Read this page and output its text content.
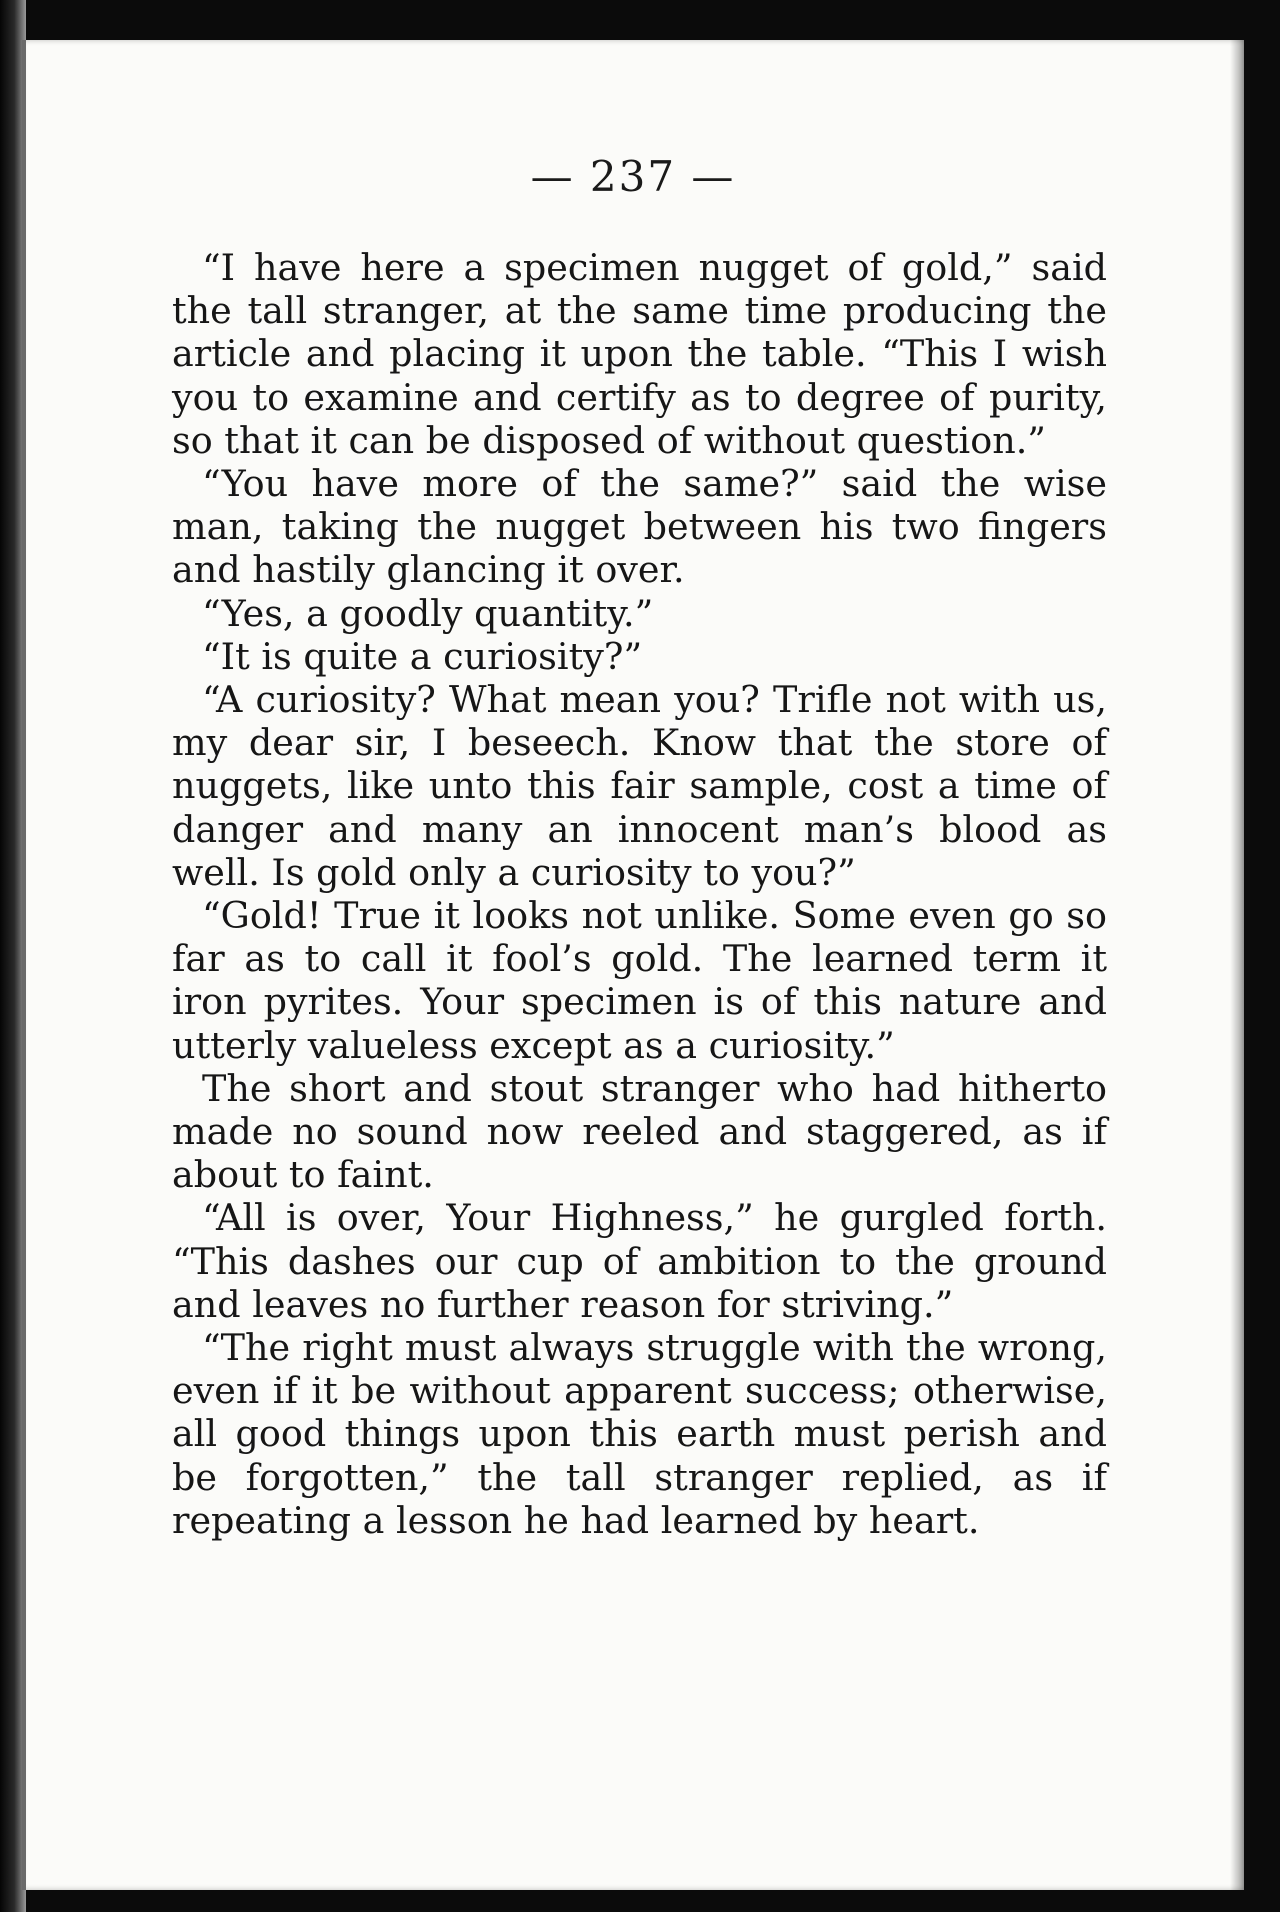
— 237 —

“I have here a specimen nugget of gold,” said the tall stranger, at the same time producing the article and placing it upon the table. “This I wish you to examine and certify as to degree of purity, so that it can be disposed of without question.”

“You have more of the same?” said the wise man, taking the nugget between his two fingers and hastily glancing it over.

“Yes, a goodly quantity.”

“It is quite a curiosity?”

“A curiosity? What mean you? Trifle not with us, my dear sir, I beseech. Know that the store of nuggets, like unto this fair sample, cost a time of danger and many an innocent man’s blood as well. Is gold only a curiosity to you?”

“Gold! True it looks not unlike. Some even go so far as to call it fool’s gold. The learned term it iron pyrites. Your specimen is of this nature and utterly valueless except as a curiosity.”

The short and stout stranger who had hitherto made no sound now reeled and staggered, as if about to faint.

“All is over, Your Highness,” he gurgled forth. “This dashes our cup of ambition to the ground and leaves no further reason for striving.”

“The right must always struggle with the wrong, even if it be without apparent success; otherwise, all good things upon this earth must perish and be forgotten,” the tall stranger replied, as if repeating a lesson he had learned by heart.
